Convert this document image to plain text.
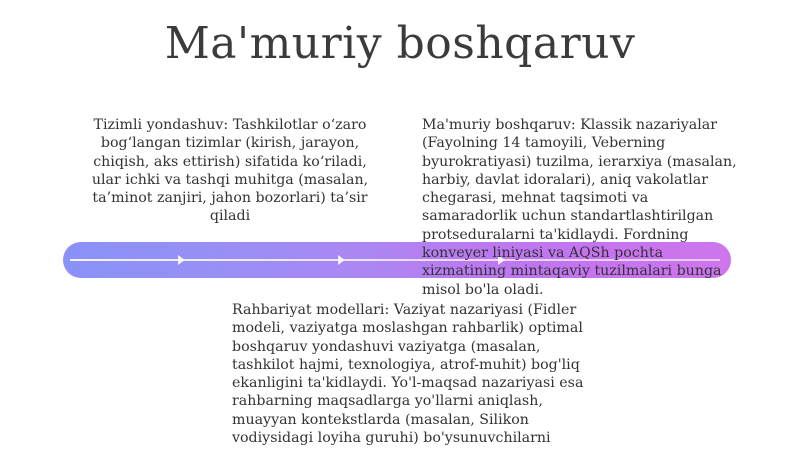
Ma'muriy boshqaruv

Tizimli yondashuv: Tashkilotlar o‘zaro bog‘langan tizimlar (kirish, jarayon, chiqish, aks ettirish) sifatida ko‘riladi, ular ichki va tashqi muhitga (masalan, ta’minot zanjiri, jahon bozorlari) ta’sir qiladi

Ma'muriy boshqaruv: Klassik nazariyalar (Fayolning 14 tamoyili, Veberning byurokratiyasi) tuzilma, ierarxiya (masalan, harbiy, davlat idoralari), aniq vakolatlar chegarasi, mehnat taqsimoti va samaradorlik uchun standartlashtirilgan protseduralarni ta'kidlaydi. Fordning konveyer liniyasi va AQSh pochta xizmatining mintaqaviy tuzilmalari bunga misol bo'la oladi.

Rahbariyat modellari: Vaziyat nazariyasi (Fidler modeli, vaziyatga moslashgan rahbarlik) optimal boshqaruv yondashuvi vaziyatga (masalan, tashkilot hajmi, texnologiya, atrof-muhit) bog'liq ekanligini ta'kidlaydi. Yo'l-maqsad nazariyasi esa rahbarning maqsadlarga yo'llarni aniqlash, muayyan kontekstlarda (masalan, Silikon vodiysidagi loyiha guruhi) bo'ysunuvchilarni
